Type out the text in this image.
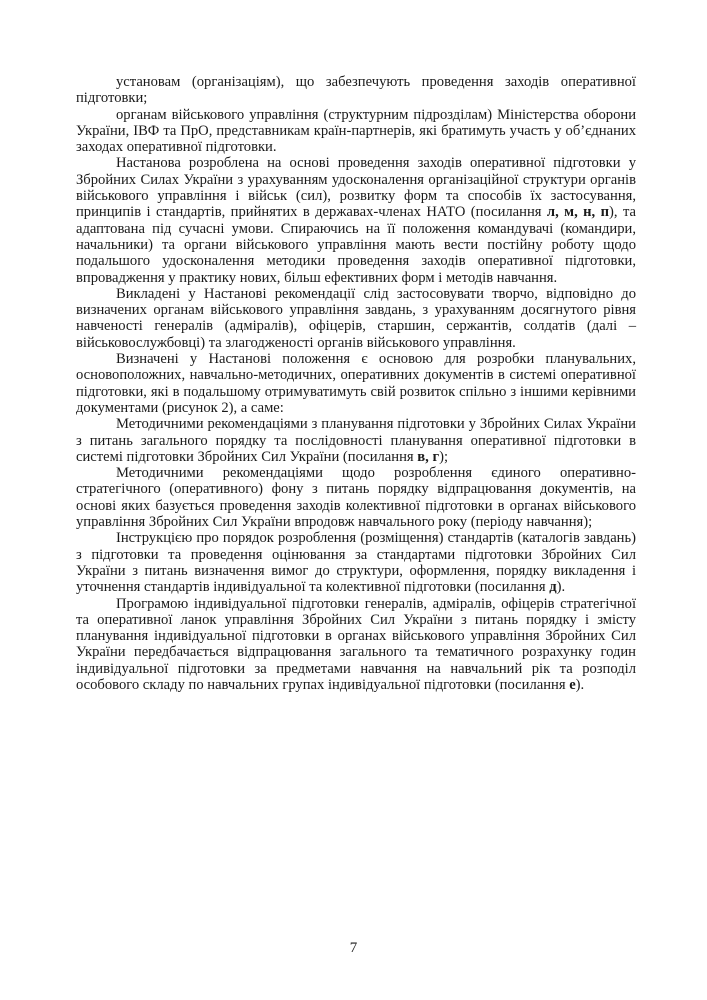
установам (організаціям), що забезпечують проведення заходів оперативної підготовки;

органам військового управління (структурним підрозділам) Міністерства оборони України, ІВФ та ПрО, представникам країн-партнерів, які братимуть участь у об’єднаних заходах оперативної підготовки.

Настанова розроблена на основі проведення заходів оперативної підготовки у Збройних Силах України з урахуванням удосконалення організаційної структури органів військового управління і військ (сил), розвитку форм та способів їх застосування, принципів і стандартів, прийнятих в державах-членах НАТО (посилання л, м, н, п), та адаптована під сучасні умови. Спираючись на її положення командувачі (командири, начальники) та органи військового управління мають вести постійну роботу щодо подальшого удосконалення методики проведення заходів оперативної підготовки, впровадження у практику нових, більш ефективних форм і методів навчання.

Викладені у Настанові рекомендації слід застосовувати творчо, відповідно до визначених органам військового управління завдань, з урахуванням досягнутого рівня навченості генералів (адміралів), офіцерів, старшин, сержантів, солдатів (далі – військовослужбовці) та злагодженості органів військового управління.

Визначені у Настанові положення є основою для розробки планувальних, основоположних, навчально-методичних, оперативних документів в системі оперативної підготовки, які в подальшому отримуватимуть свій розвиток спільно з іншими керівними документами (рисунок 2), а саме:

Методичними рекомендаціями з планування підготовки у Збройних Силах України з питань загального порядку та послідовності планування оперативної підготовки в системі підготовки Збройних Сил України (посилання в, г);

Методичними рекомендаціями щодо розроблення єдиного оперативно-стратегічного (оперативного) фону з питань порядку відпрацювання документів, на основі яких базується проведення заходів колективної підготовки в органах військового управління Збройних Сил України впродовж навчального року (періоду навчання);

Інструкцією про порядок розроблення (розміщення) стандартів (каталогів завдань) з підготовки та проведення оцінювання за стандартами підготовки Збройних Сил України з питань визначення вимог до структури, оформлення, порядку викладення і уточнення стандартів індивідуальної та колективної підготовки (посилання д).

Програмою індивідуальної підготовки генералів, адміралів, офіцерів стратегічної та оперативної ланок управління Збройних Сил України з питань порядку і змісту планування індивідуальної підготовки в органах військового управління Збройних Сил України передбачається відпрацювання загального та тематичного розрахунку годин індивідуальної підготовки за предметами навчання на навчальний рік та розподіл особового складу по навчальних групах індивідуальної підготовки (посилання е).

7
